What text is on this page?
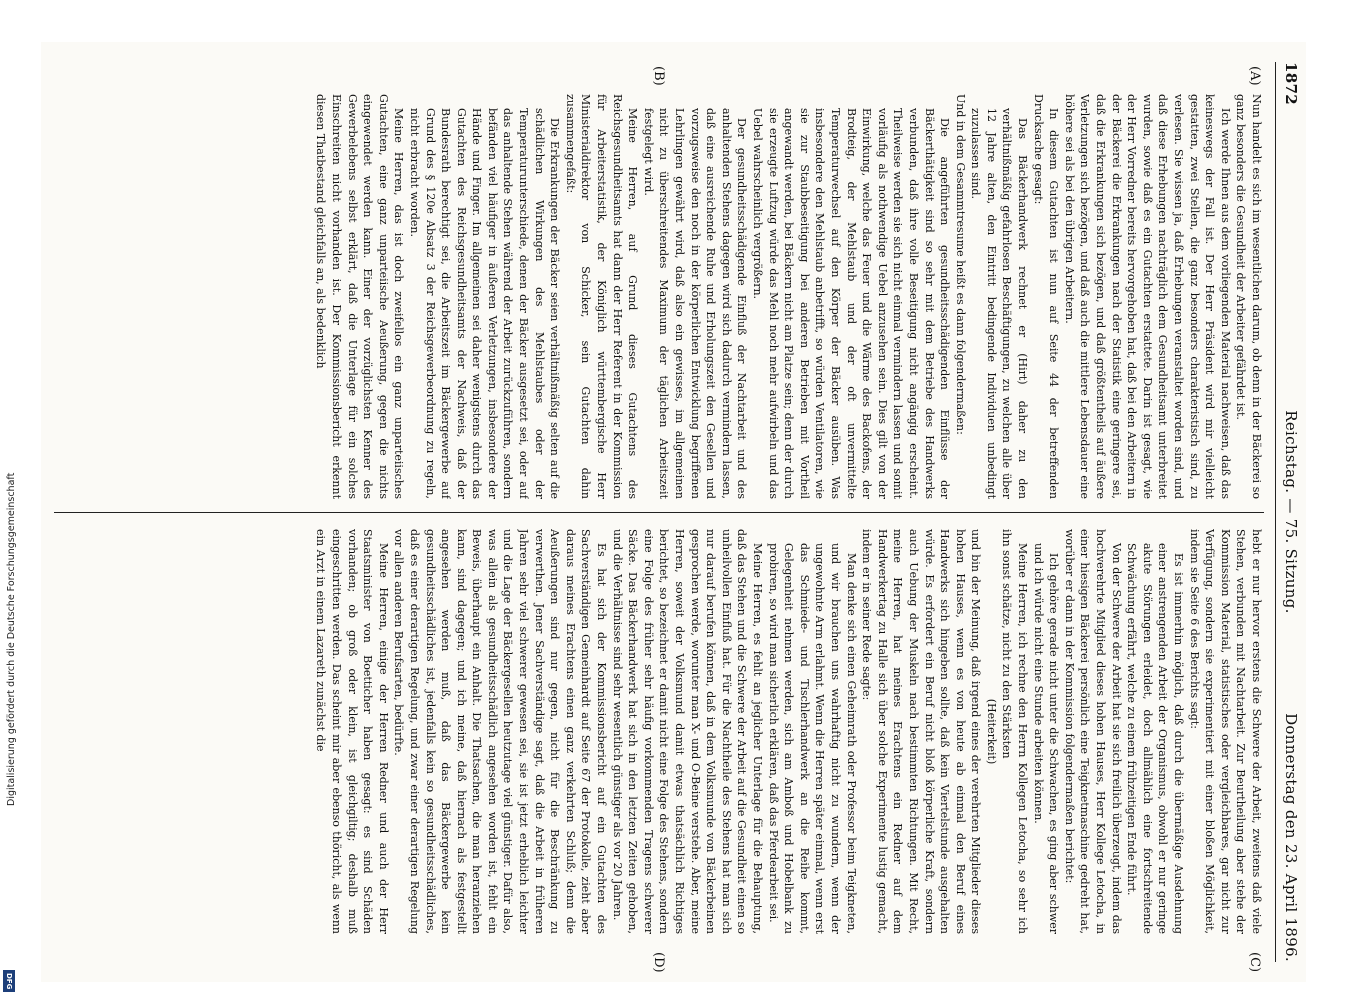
1872
Reichstag. — 75. Sitzung.
Donnerstag den 23. April 1896.
(A)
(B)
(C)
(D)

Nun handelt es sich im wesentlichen darum, ob denn in der Bäckerei so ganz besonders die Gesundheit der Arbeiter gefährdet ist.

Ich werde Ihnen aus dem vorliegenden Material nachweisen, daß das keineswegs der Fall ist. Der Herr Präsident wird mir vielleicht gestatten, zwei Stellen, die ganz besonders charakteristisch sind, zu verlesen. Sie wissen ja, daß Erhebungen veranstaltet worden sind, und daß diese Erhebungen nachträglich dem Gesundheitsamt unterbreitet wurden, sowie daß es ein Gutachten erstattete. Darin ist gesagt, wie der Herr Vorredner bereits hervorgehoben hat, daß bei den Arbeitern in der Bäckerei die Erkrankungen nach der Statistik eine geringere sei, daß die Erkrankungen sich bezögen, und daß größtentheils auf äußere Verletzungen sich bezögen, und daß auch die mittlere Lebensdauer eine höhere sei als bei den übrigen Arbeitern.

In diesem Gutachten ist nun auf Seite 44 der betreffenden Drucksache gesagt:

Das Bäckerhandwerk rechnet er (Hirt) daher zu den verhältnißmäßig gefahrlosen Beschäftigungen, zu welchen alle über 12 Jahre alten, den Eintritt bedingende Individuen unbedingt zuzulassen sind.

Und in dem Gesammtresume heißt es dann folgendermaßen:

Die angeführten gesundheitsschädigenden Einflüsse der Bäckerthätigkeit sind so sehr mit dem Betriebe des Handwerks verbunden, daß ihre volle Beseitigung nicht angängig erscheint. Theilweise werden sie sich nicht einmal vermindern lassen und somit vorläufig als nothwendige Uebel anzusehen sein. Dies gilt von der Einwirkung, welche das Feuer und die Wärme des Backofens, der Brodteig, der Mehlstaub und der oft unvermittelte Temperaturwechsel auf den Körper der Bäcker ausüben. Was insbesondere den Mehlstaub anbetrifft, so würden Ventilatoren, wie sie zur Staubbeseitigung bei anderen Betrieben mit Vortheil angewandt werden, bei Bäckern nicht am Platze sein; denn der durch sie erzeugte Luftzug würde das Mehl noch mehr aufwirbeln und das Uebel wahrscheinlich vergrößern.

Der gesundheitsschädigende Einfluß der Nachtarbeit und des anhaltenden Stehens dagegen wird sich dadurch vermindern lassen, daß eine ausreichende Ruhe und Erholungszeit den Gesellen und vorzugsweise den noch in der körperlichen Entwicklung begriffenen Lehrlingen gewährt wird, daß also ein gewisses, im allgemeinen nicht zu überschreitendes Maximum der täglichen Arbeitszeit festgelegt wird.

Meine Herren, auf Grund dieses Gutachtens des Reichsgesundheitsamts hat dann der Herr Referent in der Kommission für Arbeiterstatistik, der Königlich württembergische Herr Ministerialdirektor von Schicker, sein Gutachten dahin zusammengefaßt:

Die Erkrankungen der Bäcker seien verhältnißmäßig selten auf die schädlichen Wirkungen des Mehlstaubes oder der Temperaturunterschiede, denen der Bäcker ausgesetzt sei, oder auf das anhaltende Stehen während der Arbeit zurückzuführen, sondern befänden viel häufiger in äußeren Verletzungen, insbesondere der Hände und Finger. Im allgemeinen sei daher wenigstens durch das Gutachten des Reichsgesundheitsamts der Nachweis, daß der Bundesrath berechtigt sei, die Arbeitszeit im Bäckergewerbe auf Grund des § 120e Absatz 3 der Reichsgewerbeordnung zu regeln, nicht erbracht worden.

Meine Herren, das ist doch zweifellos ein ganz unparteiisches Gutachten, eine ganz unparteiische Aeußerung, gegen die nichts eingewendet werden kann. Einer der vorzüglichsten Kenner des Gewerbelebens selbst erklärt, daß die Unterlage für ein solches Einschreiten nicht vorhanden ist. Der Kommissionsbericht erkennt diesen Thatbestand gleichfalls an, als bedenklich

hebt er nur hervor erstens die Schwere der Arbeit, zweitens daß viele Stehen, verbunden mit Nachtarbeit. Zur Beurtheilung aber stehe der Kommission Material, statistisches oder vergleichbares, gar nicht zur Verfügung, sondern sie experimentiert mit einer bloßen Möglichkeit, indem sie Seite 6 des Berichts sagt:

Es ist immerhin möglich, daß durch die übermäßige Ausdehnung einer anstrengenden Arbeit der Organismus, obwohl er nur geringe akute Störungen erleidet, doch allmählich eine fortschreitende Schwächung erfährt, welche zu einem frühzeitigen Ende führt.

Von der Schwere der Arbeit hat sie sich freilich überzeugt, indem das hochverehrte Mitglied dieses hohen Hauses, Herr Kollege Letocha, in einer hiesigen Bäckerei persönlich eine Teigknetmaschine gedreht hat, worüber er dann in der Kommission folgendermaßen berichtet:

Ich gehöre gerade nicht unter die Schwachen, es ging aber schwer und ich würde nicht eine Stunde arbeiten können.

Meine Herren, ich rechne den Herrn Kollegen Letocha, so sehr ich ihn sonst schätze, nicht zu den Stärksten

(Heiterkeit)

und bin der Meinung, daß irgend eines der verehrten Mitglieder dieses hohen Hauses, wenn es von heute ab einmal den Beruf eines Handwerks sich hingeben sollte, daß kein Viertelstunde ausgehalten würde. Es erfordert ein Beruf nicht bloß körperliche Kraft, sondern auch Uebung der Muskeln nach bestimmten Richtungen. Mit Recht, meine Herren, hat meines Erachtens ein Redner auf dem Handwerkertag zu Halle sich über solche Experimente lustig gemacht, indem er in seiner Rede sagte:

Man denke sich einen Geheimrath oder Professor beim Teigkneten, und wir brauchen uns wahrhaftig nicht zu wundern, wenn der ungewohnte Arm erlahmt. Wenn die Herren später einmal, wenn erst das Schmiede- und Tischlerhandwerk an die Reihe kommt, Gelegenheit nehmen werden, sich am Amboß und Hobelbank zu probiren, so wird man sicherlich erklären, daß das Pferdearbeit sei.

Meine Herren, es fehlt an jeglicher Unterlage für die Behauptung, daß das Stehen und die Schwere der Arbeit auf die Gesundheit einen so unheilvollen Einfluß hat. Für die Nachtheile des Stehens hat man sich nur darauf berufen können, daß in dem Volksmunde von Bäckerbeinen gesprochen werde, worunter man X- und O-Beine verstehe. Aber, meine Herren, soweit der Volksmund damit etwas thatsächlich Richtiges berichtet, so bezeichnet er damit nicht eine Folge des Stehens, sondern eine Folge des früher sehr häufig vorkommenden Tragens schwerer Säcke. Das Bäckerhandwerk hat sich in den letzten Zeiten gehoben, und die Verhältnisse sind sehr wesentlich günstiger als vor 20 Jahren.

Es hat sich der Kommissionsbericht auf ein Gutachten des Sachverständigen Gemeinhardt auf Seite 67 der Protokolle, zieht aber daraus meines Erachtens einen ganz verkehrten Schluß; denn die Aeußerungen sind nur gegen, nicht für die Beschränkung zu verwerthen. Jener Sachverständige sagt, daß die Arbeit in früheren Jahren sehr viel schwerer gewesen sei, sie ist jetzt erheblich leichter und die Lage der Bäckergesellen heutzutage viel günstiger. Dafür also, was allein als gesundheitsschädlich angesehen worden ist, fehlt ein Beweis, überhaupt ein Anhalt. Die Thatsachen, die man heranziehen kann, sind dagegen; und ich meine, daß hiernach als festgestellt angesehen werden muß, daß das Bäckergewerbe kein gesundheitsschädliches ist, jedenfalls kein so gesundheitsschädliches, daß es einer derartigen Regelung, und zwar einer derartigen Regelung vor allen anderen Berufsarten, bedürfte.

Meine Herren, einige der Herren Redner und auch der Herr Staatsminister von Boetticher haben gesagt: es sind Schäden vorhanden; ob groß oder klein, ist gleichgiltig; deshalb muß eingeschritten werden. Das scheint mir aber ebenso thöricht, als wenn ein Arzt in einem Lazareth zunächst die

Digitalisierung gefördert durch die Deutsche Forschungsgemeinschaft
DFG
